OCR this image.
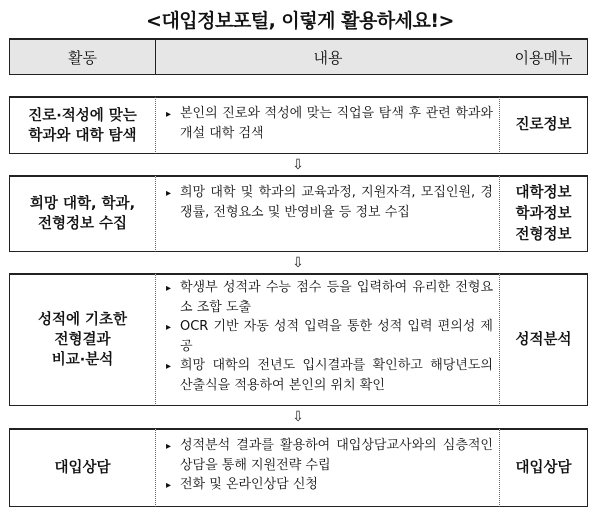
<대입정보포털, 이렇게 활용하세요!>
활동	내용	이용메뉴
진로·적성에 맞는
학과와 대학 탐색
▸ 본인의 진로와 적성에 맞는 직업을 탐색 후 관련 학과와 개설 대학 검색
진로정보
⇩
희망 대학, 학과,
전형정보 수집
▸ 희망 대학 및 학과의 교육과정, 지원자격, 모집인원, 경쟁률, 전형요소 및 반영비율 등 정보 수집
대학정보
학과정보
전형정보
⇩
성적에 기초한
전형결과
비교·분석
▸ 학생부 성적과 수능 점수 등을 입력하여 유리한 전형요소 조합 도출
▸ OCR 기반 자동 성적 입력을 통한 성적 입력 편의성 제공
▸ 희망 대학의 전년도 입시결과를 확인하고 해당년도의 산출식을 적용하여 본인의 위치 확인
성적분석
⇩
대입상담
▸ 성적분석 결과를 활용하여 대입상담교사와의 심층적인 상담을 통해 지원전략 수립
▸ 전화 및 온라인상담 신청
대입상담
